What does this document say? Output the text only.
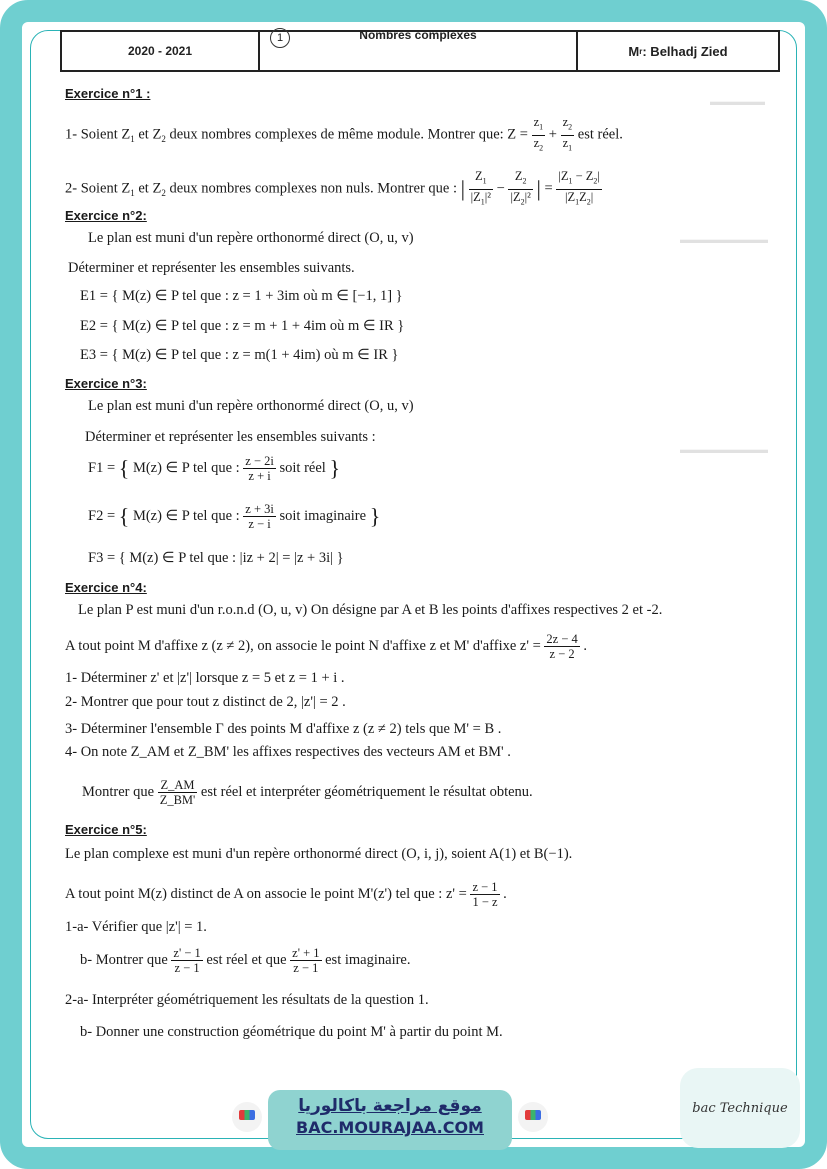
▬▬▬▬▬
▬▬▬▬▬▬▬▬
▬▬▬▬▬▬▬▬
2020 - 2021
Nombres complexes
1
M r : Belhadj Zied
Exercice n°1 :
1- Soient $Z_1$ et $Z_2$ deux nombres complexes de même module. Montrer que: $Z = \frac{z_1}{z_2} + \frac{z_2}{z_1}$ est réel.
2- Soient $Z_1$ et $Z_2$ deux nombres complexes non nuls. Montrer que : | $\frac{Z_1}{|Z_1|^2} - \frac{Z_2}{|Z_2|^2}$ | = $\frac{|Z_1 - Z_2|}{|Z_1Z_2|}$
Exercice n°2:
Le plan est muni d'un repère orthonormé direct (O, u, v)
Déterminer et représenter les ensembles suivants.
E1 = { M(z) ∈ P tel que : z = 1 + 3im où m ∈ [−1, 1] }
E2 = { M(z) ∈ P tel que : z = m + 1 + 4im où m ∈ IR }
E3 = { M(z) ∈ P tel que : z = m(1 + 4im) où m ∈ IR }
Exercice n°3:
Le plan est muni d'un repère orthonormé direct (O, u, v)
Déterminer et représenter les ensembles suivants :
F1 = { M(z) ∈ P tel que : $\frac{z - 2i}{z + i}$ soit réel }
F2 = { M(z) ∈ P tel que : $\frac{z + 3i}{z - i}$ soit imaginaire }
F3 = { M(z) ∈ P tel que : |iz + 2| = |z + 3i| }
Exercice n°4:
Le plan P est muni d'un r.o.n.d (O, u, v) On désigne par A et B les points d'affixes respectives 2 et -2.
A tout point M d'affixe z (z ≠ 2), on associe le point N d'affixe z et M' d'affixe $z' = \frac{2z - 4}{z - 2}$ .
1- Déterminer z' et |z'| lorsque z = 5 et z = 1 + i .
2- Montrer que pour tout z distinct de 2, |z'| = 2 .
3- Déterminer l'ensemble Γ des points M d'affixe z (z ≠ 2) tels que M' = B .
4- On note Z_AM et Z_BM' les affixes respectives des vecteurs AM et BM' .
Montrer que $\frac{Z\_AM}{Z\_BM'}$ est réel et interpréter géométriquement le résultat obtenu.
Exercice n°5:
Le plan complexe est muni d'un repère orthonormé direct (O, i, j), soient A(1) et B(−1).
A tout point M(z) distinct de A on associe le point M'(z') tel que : $z' = \frac{z - 1}{1 - z}$ .
1-a- Vérifier que |z'| = 1.
b- Montrer que $\frac{z' - 1}{z - 1}$ est réel et que $\frac{z' + 1}{z - 1}$ est imaginaire.
2-a- Interpréter géométriquement les résultats de la question 1.
b- Donner une construction géométrique du point M' à partir du point M.
موقع مراجعة باكالوريا
BAC.MOURAJAA.COM
bac Technique
